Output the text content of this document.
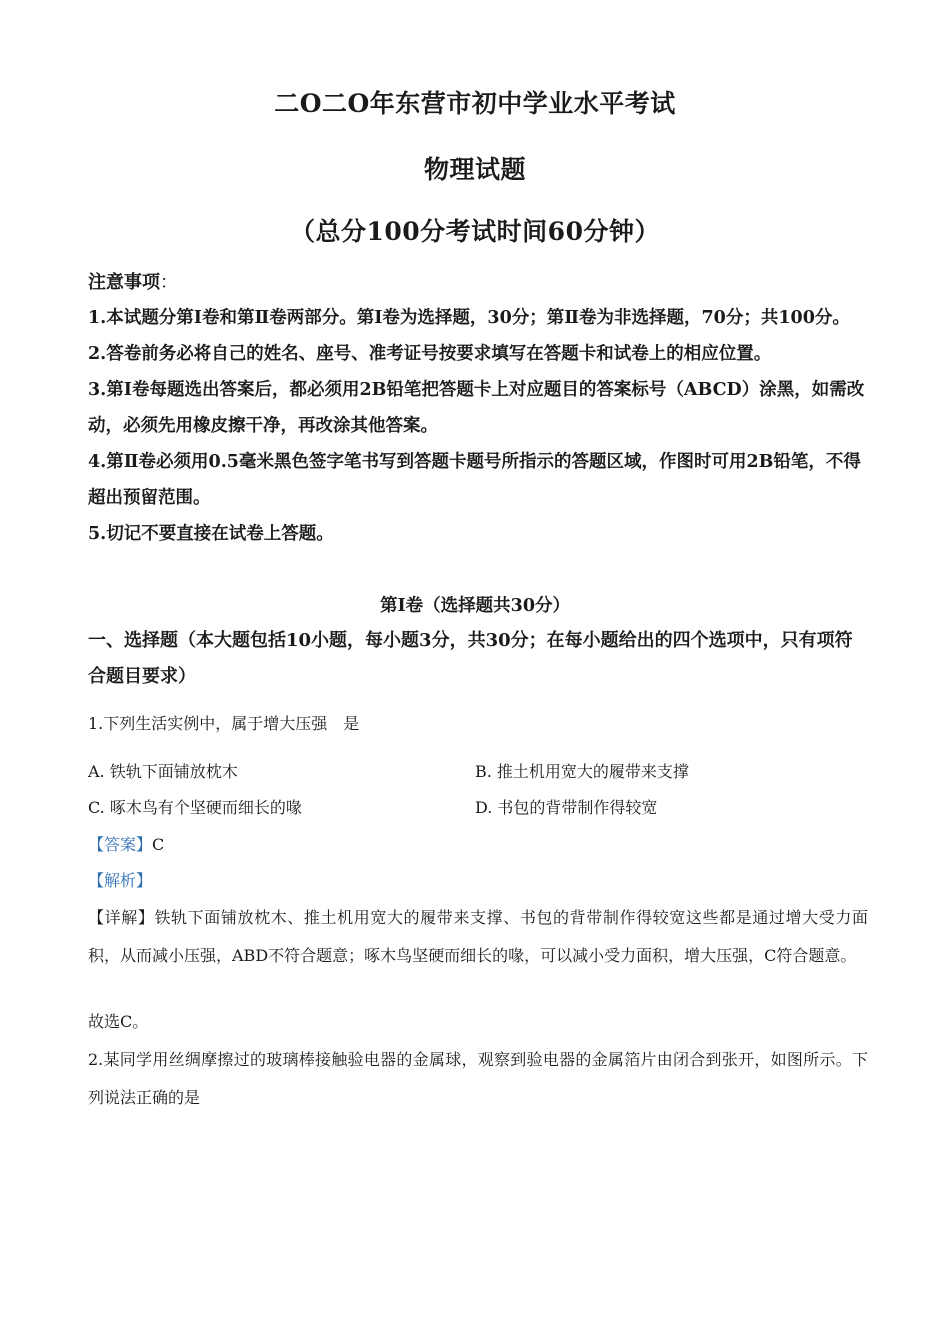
二O二O年东营市初中学业水平考试
物理试题
（总分100分考试时间60分钟）

注意事项：

1.本试题分第I卷和第Ⅱ卷两部分。第I卷为选择题，30分；第Ⅱ卷为非选择题，70分；共100分。
2.答卷前务必将自己的姓名、座号、准考证号按要求填写在答题卡和试卷上的相应位置。
3.第Ⅰ卷每题选出答案后，都必须用2B铅笔把答题卡上对应题目的答案标号（ABCD）涂黑，如需改动，必须先用橡皮擦干净，再改涂其他答案。
4.第Ⅱ卷必须用0.5毫米黑色签字笔书写到答题卡题号所指示的答题区域，作图时可用2B铅笔，不得超出预留范围。
5.切记不要直接在试卷上答题。

第Ⅰ卷（选择题共30分）

一、选择题（本大题包括10小题，每小题3分，共30分；在每小题给出的四个选项中，只有项符合题目要求）

1.下列生活实例中，属于增大压强　是

A. 铁轨下面铺放枕木	B. 推土机用宽大的履带来支撑

C. 啄木鸟有个坚硬而细长的喙	D. 书包的背带制作得较宽

【答案】C

【解析】

【详解】铁轨下面铺放枕木、推土机用宽大的履带来支撑、书包的背带制作得较宽这些都是通过增大受力面积，从而减小压强，ABD不符合题意；啄木鸟坚硬而细长的喙，可以减小受力面积，增大压强，C符合题意。

故选C。

2.某同学用丝绸摩擦过的玻璃棒接触验电器的金属球，观察到验电器的金属箔片由闭合到张开，如图所示。下列说法正确的是
